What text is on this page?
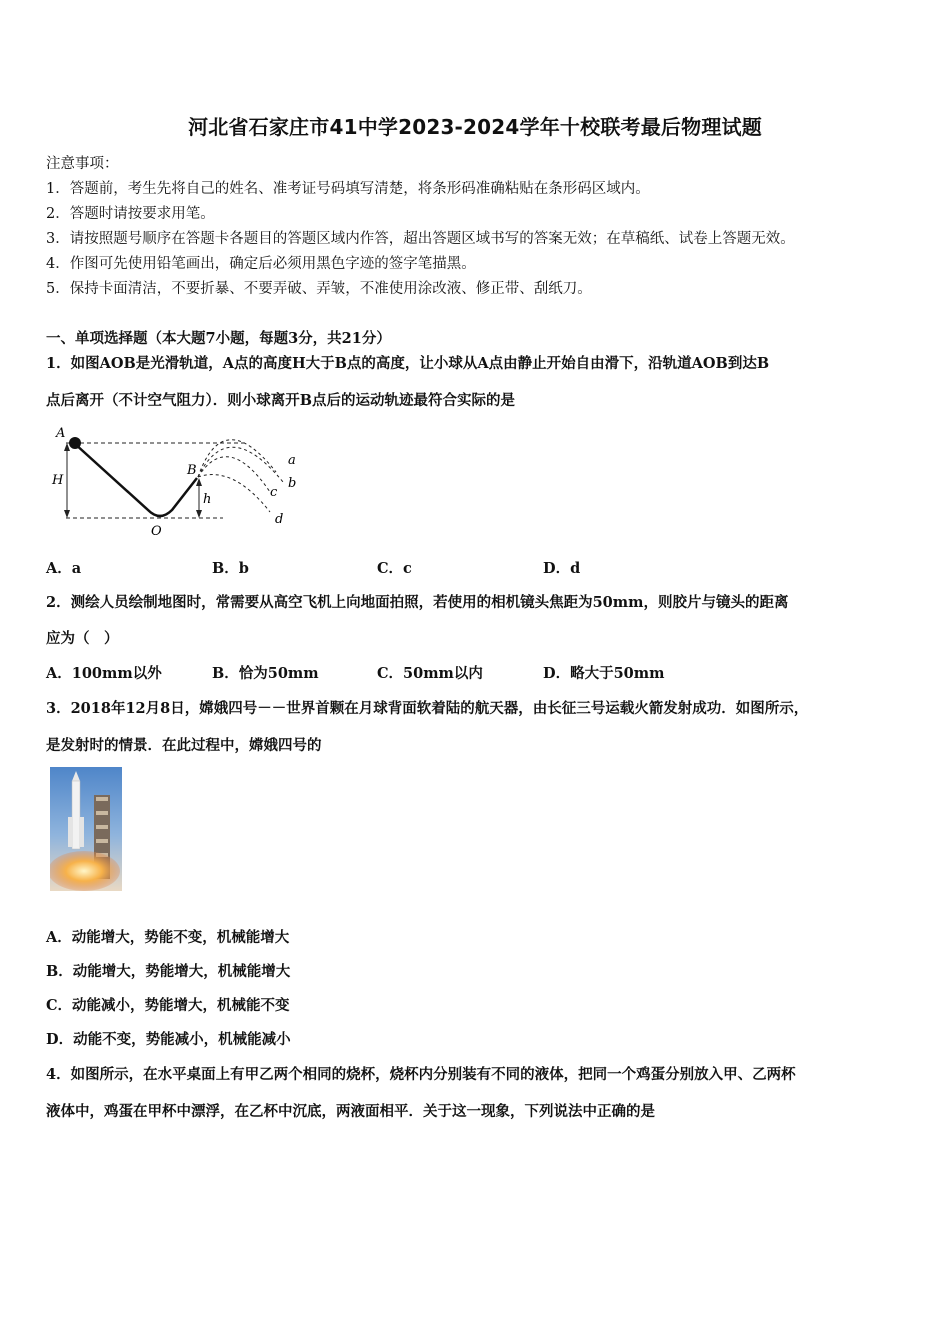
河北省石家庄市41中学2023-2024学年十校联考最后物理试题
注意事项：
1．答题前，考生先将自己的姓名、准考证号码填写清楚，将条形码准确粘贴在条形码区域内。
2．答题时请按要求用笔。
3．请按照题号顺序在答题卡各题目的答题区域内作答，超出答题区域书写的答案无效；在草稿纸、试卷上答题无效。
4．作图可先使用铅笔画出，确定后必须用黑色字迹的签字笔描黑。
5．保持卡面清洁，不要折暴、不要弄破、弄皱，不准使用涂改液、修正带、刮纸刀。
一、单项选择题（本大题7小题，每题3分，共21分）
1．如图AOB是光滑轨道，A点的高度H大于B点的高度，让小球从A点由静止开始自由滑下，沿轨道AOB到达B
点后离开（不计空气阻力）．则小球离开B点后的运动轨迹最符合实际的是
A
H
B
h
O
a
b
c
d
A．a	B．b	C．c	D．d
2．测绘人员绘制地图时，常需要从高空飞机上向地面拍照，若使用的相机镜头焦距为50mm，则胶片与镜头的距离
应为（　）
A．100mm以外	B．恰为50mm	C．50mm以内	D．略大于50mm
3．2018年12月8日，嫦娥四号－－世界首颗在月球背面软着陆的航天器，由长征三号运载火箭发射成功．如图所示，
是发射时的情景．在此过程中，嫦娥四号的
A．动能增大，势能不变，机械能增大
B．动能增大，势能增大，机械能增大
C．动能减小，势能增大，机械能不变
D．动能不变，势能减小，机械能减小
4．如图所示，在水平桌面上有甲乙两个相同的烧杯，烧杯内分别装有不同的液体，把同一个鸡蛋分别放入甲、乙两杯
液体中，鸡蛋在甲杯中漂浮，在乙杯中沉底，两液面相平．关于这一现象，下列说法中正确的是
